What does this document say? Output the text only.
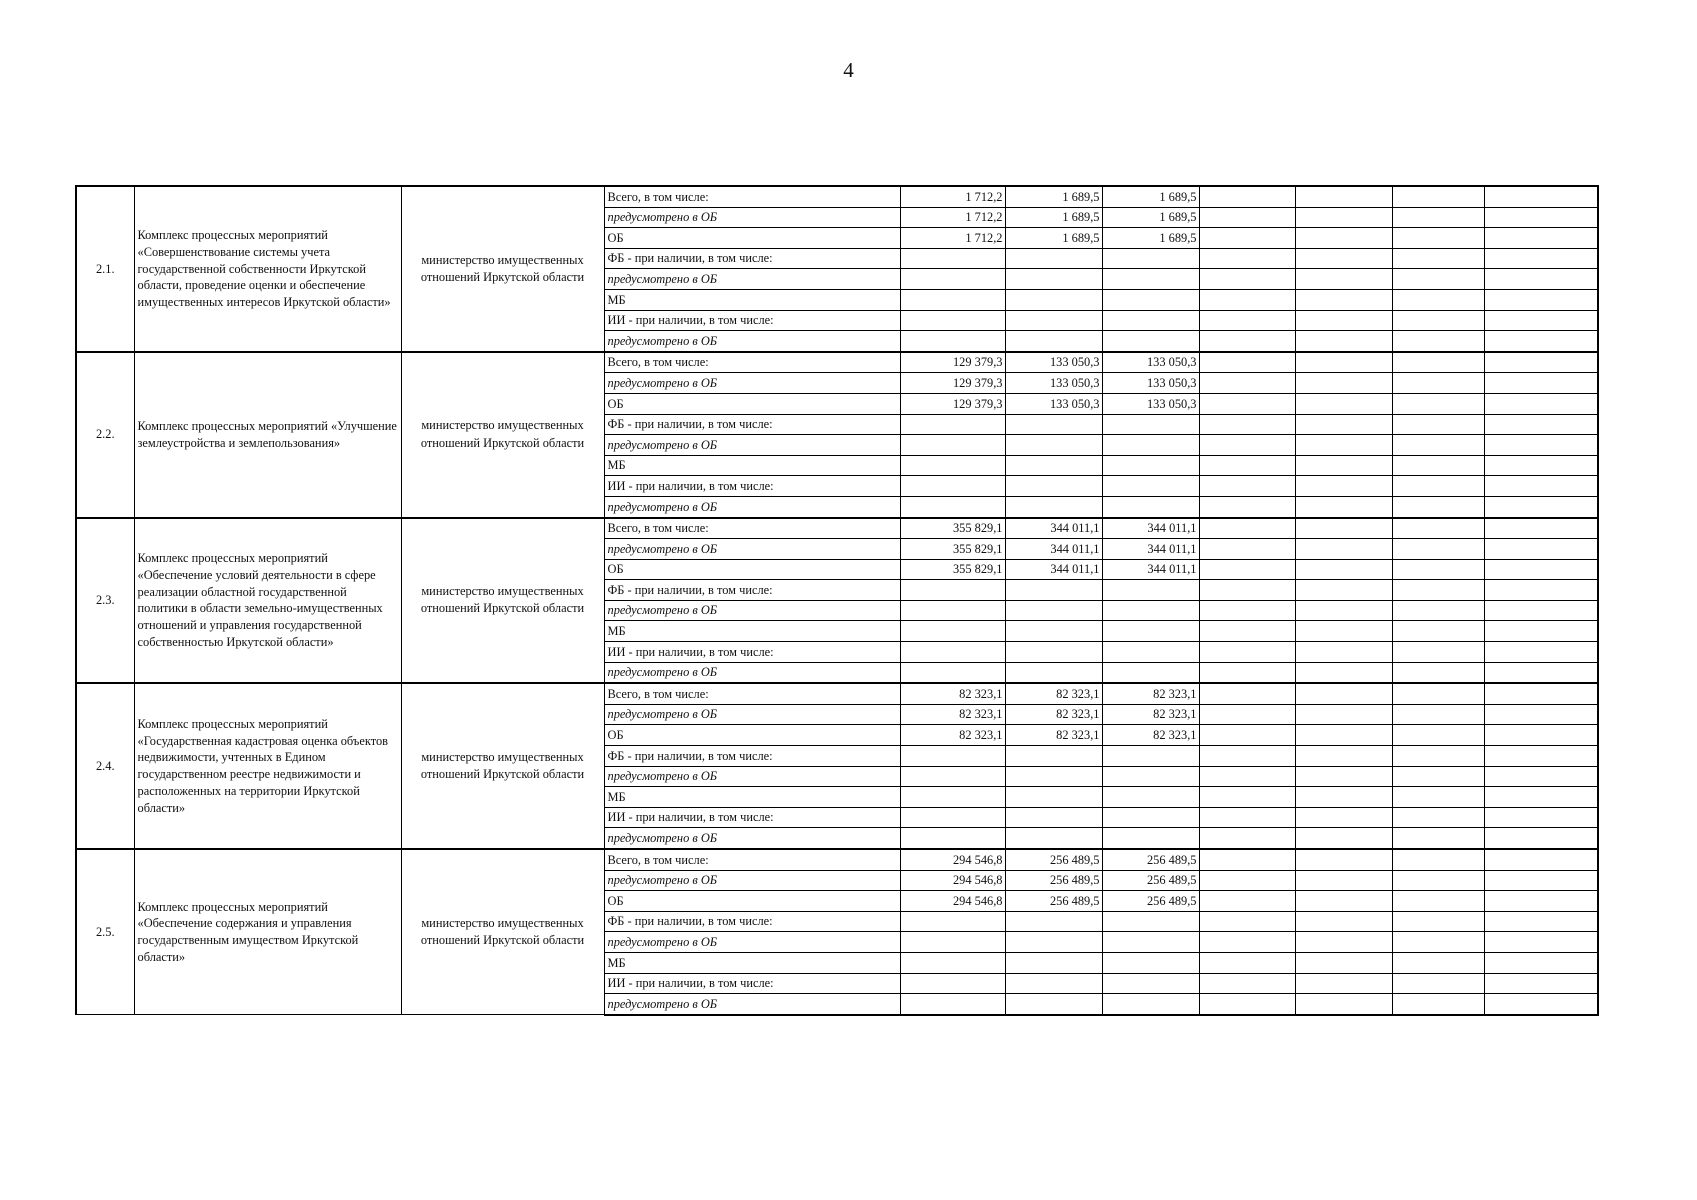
4
2.1.	Комплекс процессных мероприятий «Совершенствование системы учета государственной собственности Иркутской области, проведение оценки и обеспечение имущественных интересов Иркутской области»	министерство имущественных отношений Иркутской области	Всего, в том числе:	1 712,2	1 689,5	1 689,5				
			предусмотрено в ОБ	1 712,2	1 689,5	1 689,5				
			ОБ	1 712,2	1 689,5	1 689,5				
			ФБ - при наличии, в том числе:							
			предусмотрено в ОБ							
			МБ							
			ИИ - при наличии, в том числе:							
			предусмотрено в ОБ							
2.2.	Комплекс процессных мероприятий «Улучшение землеустройства и землепользования»	министерство имущественных отношений Иркутской области	Всего, в том числе:	129 379,3	133 050,3	133 050,3				
			предусмотрено в ОБ	129 379,3	133 050,3	133 050,3				
			ОБ	129 379,3	133 050,3	133 050,3				
			ФБ - при наличии, в том числе:							
			предусмотрено в ОБ							
			МБ							
			ИИ - при наличии, в том числе:							
			предусмотрено в ОБ							
2.3.	Комплекс процессных мероприятий «Обеспечение условий деятельности в сфере реализации областной государственной политики в области земельно-имущественных отношений и управления государственной собственностью Иркутской области»	министерство имущественных отношений Иркутской области	Всего, в том числе:	355 829,1	344 011,1	344 011,1				
			предусмотрено в ОБ	355 829,1	344 011,1	344 011,1				
			ОБ	355 829,1	344 011,1	344 011,1				
			ФБ - при наличии, в том числе:							
			предусмотрено в ОБ							
			МБ							
			ИИ - при наличии, в том числе:							
			предусмотрено в ОБ							
2.4.	Комплекс процессных мероприятий «Государственная кадастровая оценка объектов недвижимости, учтенных в Едином государственном реестре недвижимости и расположенных на территории Иркутской области»	министерство имущественных отношений Иркутской области	Всего, в том числе:	82 323,1	82 323,1	82 323,1				
			предусмотрено в ОБ	82 323,1	82 323,1	82 323,1				
			ОБ	82 323,1	82 323,1	82 323,1				
			ФБ - при наличии, в том числе:							
			предусмотрено в ОБ							
			МБ							
			ИИ - при наличии, в том числе:							
			предусмотрено в ОБ							
2.5.	Комплекс процессных мероприятий «Обеспечение содержания и управления государственным имуществом Иркутской области»	министерство имущественных отношений Иркутской области	Всего, в том числе:	294 546,8	256 489,5	256 489,5				
			предусмотрено в ОБ	294 546,8	256 489,5	256 489,5				
			ОБ	294 546,8	256 489,5	256 489,5				
			ФБ - при наличии, в том числе:							
			предусмотрено в ОБ							
			МБ							
			ИИ - при наличии, в том числе:							
			предусмотрено в ОБ							
